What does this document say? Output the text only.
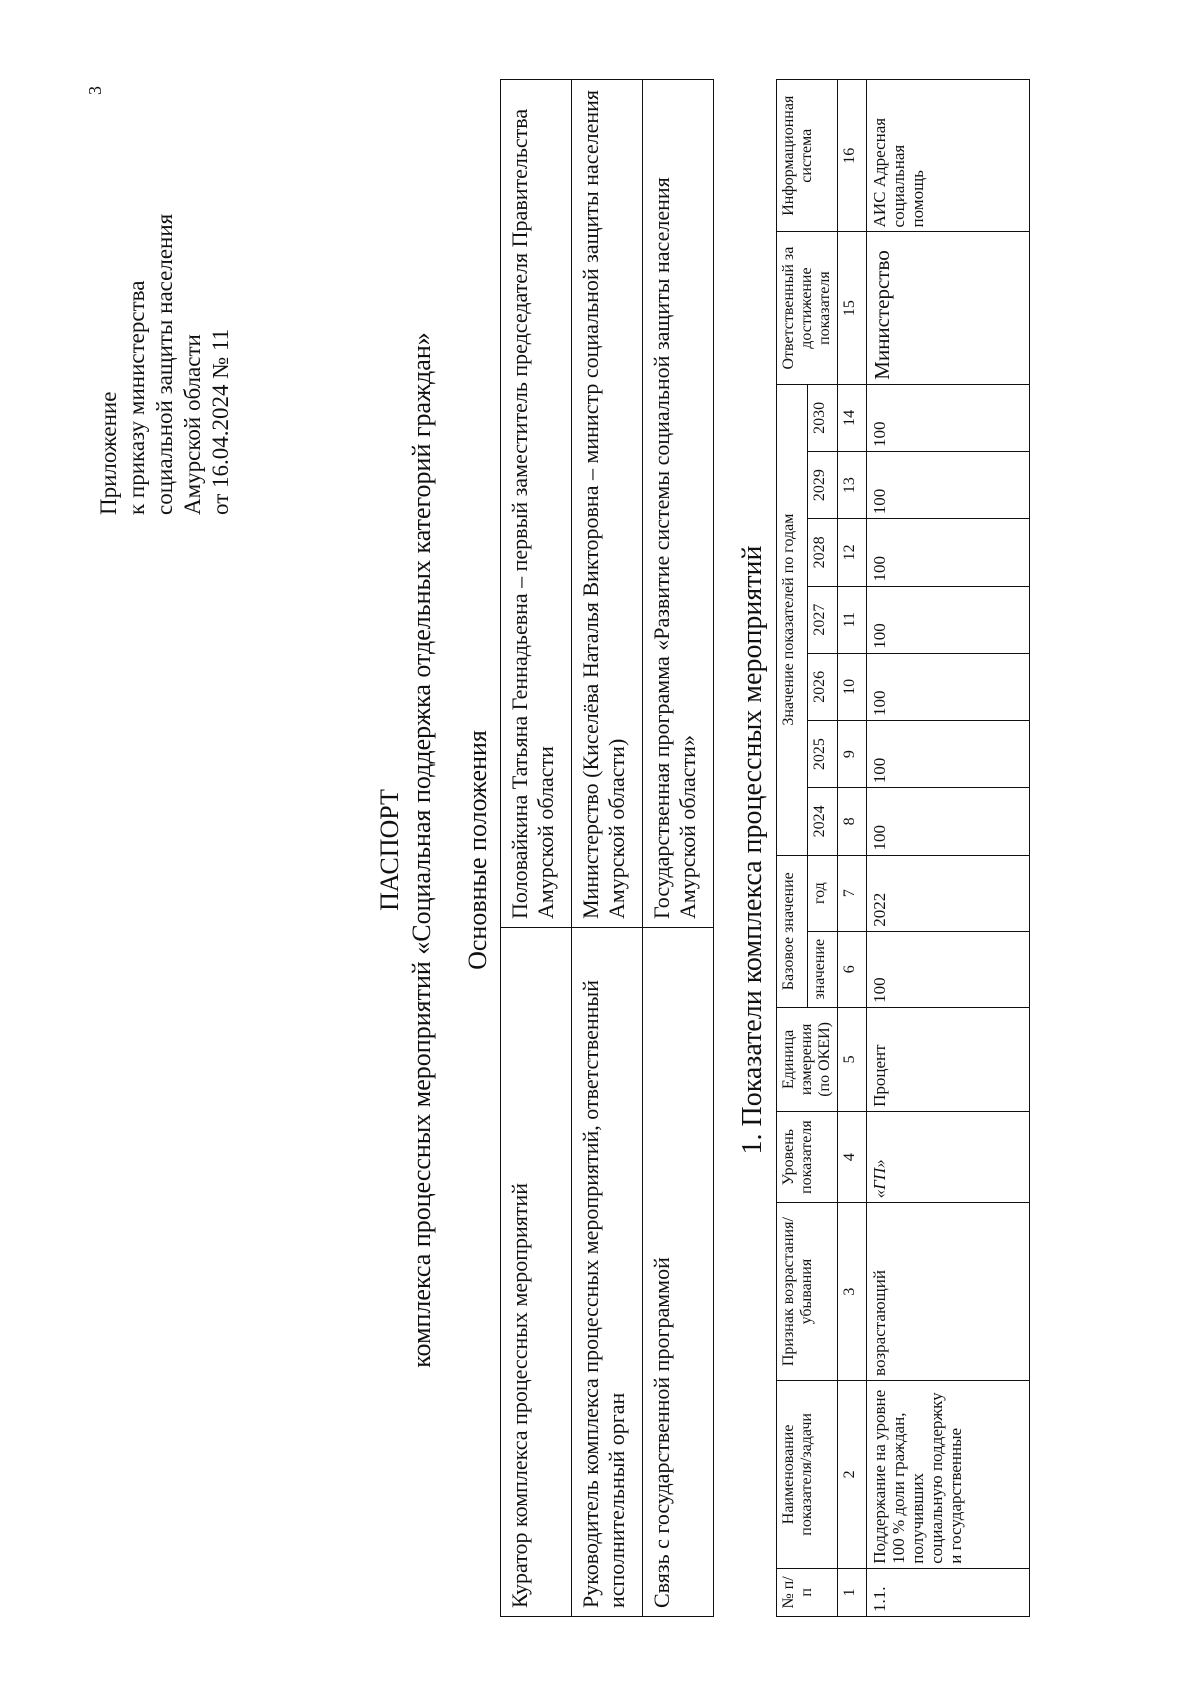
3
Приложение к приказу министерства социальной защиты населения Амурской области от 16.04.2024 № 11
ПАСПОРТ комплекса процессных мероприятий «Социальная поддержка отдельных категорий граждан» Основные положения
Куратор комплекса процессных мероприятий	Половайкина Татьяна Геннадьевна – первый заместитель председателя Правительства Амурской области
Руководитель комплекса процессных мероприятий, ответственный исполнительный орган	Министерство (Киселёва Наталья Викторовна – министр социальной защиты населения Амурской области)
Связь с государственной программой	Государственная программа «Развитие системы социальной защиты населения Амурской области» 1. Показатели комплекса процессных мероприятий
№ п/п	Наименование показателя/задачи	Признак возрастания/убывания	Уровень показателя	Единица измерения (по ОКЕИ)	Базовое значение		Значение показателей по годам							Ответственный за достижение показателя	Информационная система
					значение	год	2024	2025	2026	2027	2028	2029	2030		
1	2	3	4	5	6	7	8	9	10	11	12	13	14	15	16
1.1.	Поддержание на уровне 100 % доли граждан, получивших социальную поддержку и государственные	возрастающий	«ГП»	Процент	100	2022	100	100	100	100	100	100	100	Министерство	АИС Адресная социальная помощь
